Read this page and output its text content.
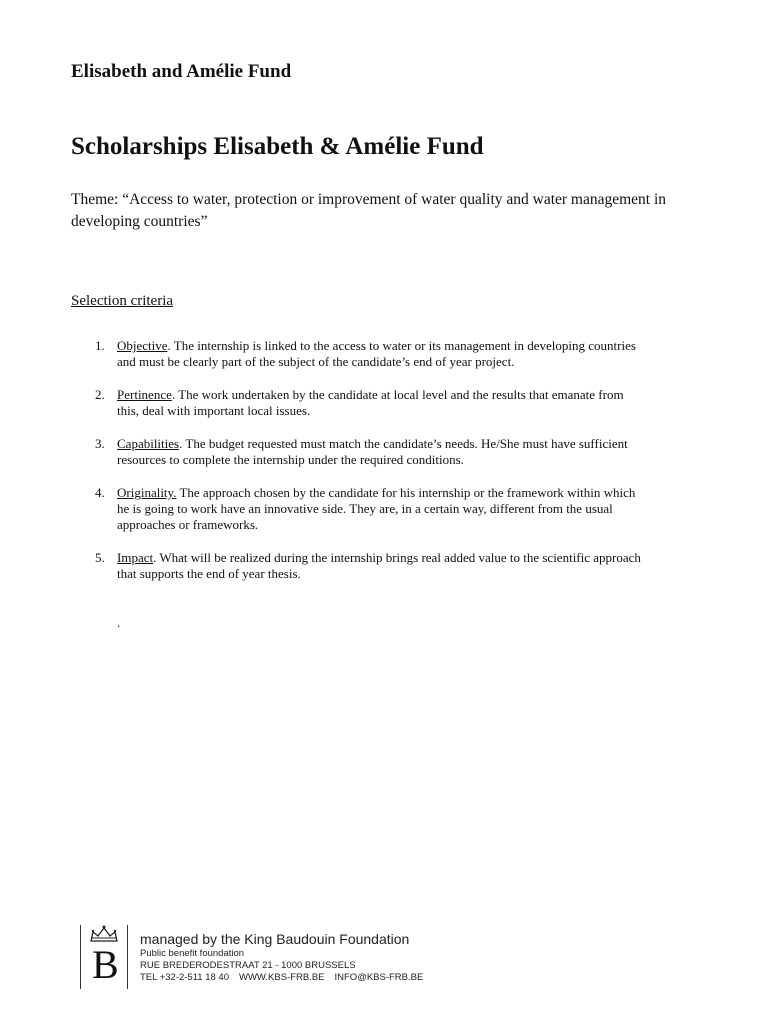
Elisabeth and Amélie Fund
Scholarships Elisabeth & Amélie Fund

Theme: “Access to water, protection or improvement of water quality and water management in developing countries”

Selection criteria

1. Objective. The internship is linked to the access to water or its management in developing countries and must be clearly part of the subject of the candidate’s end of year project.
2. Pertinence. The work undertaken by the candidate at local level and the results that emanate from this, deal with important local issues.
3. Capabilities. The budget requested must match the candidate’s needs. He/She must have sufficient resources to complete the internship under the required conditions.
4. Originality. The approach chosen by the candidate for his internship or the framework within which he is going to work have an innovative side. They are, in a certain way, different from the usual approaches or frameworks.
5. Impact. What will be realized during the internship brings real added value to the scientific approach that supports the end of year thesis.
.
B
managed by the King Baudouin Foundation
Public benefit foundation
RUE BREDERODESTRAAT 21 - 1000 BRUSSELS
TEL +32-2-511 18 40 WWW.KBS-FRB.BE INFO@KBS-FRB.BE
